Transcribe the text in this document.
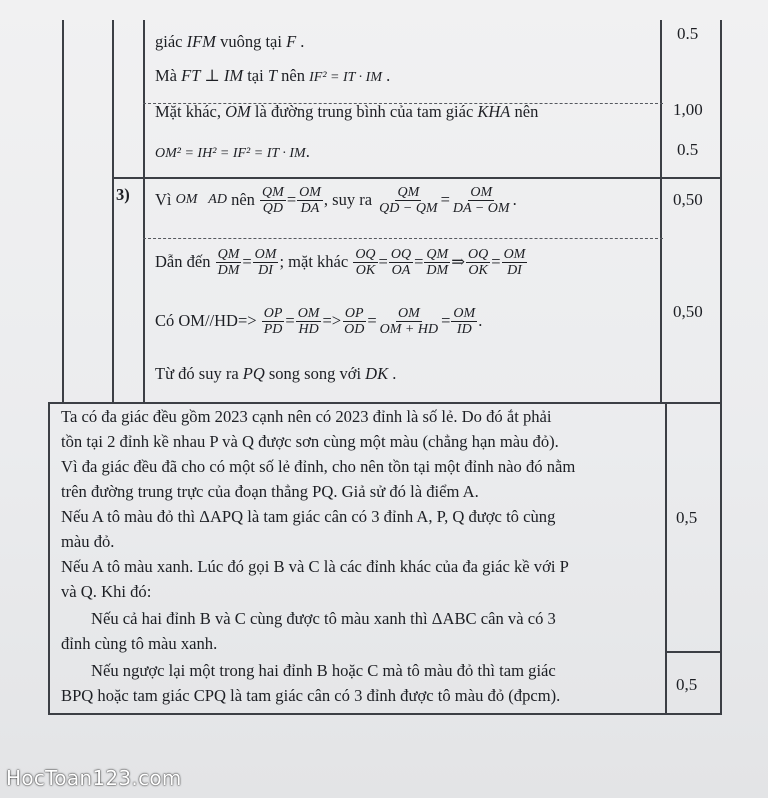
giác IFM vuông tại F .
Mà FT ⊥ IM tại T nên IF² = IT · IM .
Mặt khác, OM là đường trung bình của tam giác KHA nên
OM² = IH² = IF² = IT · IM.
3) Vì OM⃞AD nên $\frac{QM}{QD} = \frac{OM}{DA}$ , suy ra $\frac{QM}{QD - QM} = \frac{OM}{DA - OM}$ .
Dẫn đến $\frac{QM}{DM} = \frac{OM}{DI}$ ; mặt khác $\frac{OQ}{OK} = \frac{OQ}{OA} = \frac{QM}{DM}$ ⇒ $\frac{OQ}{OK} = \frac{OM}{DI}$
Có $OM//HD=> \frac{OP}{PD} = \frac{OM}{HD} => \frac{OP}{OD} = \frac{OM}{OM + HD} = \frac{OM}{ID}$ .
Từ đó suy ra PQ song song với DK .
0.5
1,00
0.5
0,50
0,50
0,5
0,5
Ta có đa giác đều gồm 2023 cạnh nên có 2023 đỉnh là số lẻ. Do đó ắt phải
tồn tại 2 đỉnh kề nhau P và Q được sơn cùng một màu (chẳng hạn màu đỏ).
Vì đa giác đều đã cho có một số lẻ đỉnh, cho nên tồn tại một đỉnh nào đó nằm
trên đường trung trực của đoạn thẳng PQ. Giả sử đó là điểm A.
Nếu A tô màu đỏ thì ΔAPQ là tam giác cân có 3 đỉnh A, P, Q được tô cùng
màu đỏ.
Nếu A tô màu xanh. Lúc đó gọi B và C là các đỉnh khác của đa giác kề với P
và Q. Khi đó:
Nếu cả hai đỉnh B và C cùng được tô màu xanh thì ΔABC cân và có 3
đỉnh cùng tô màu xanh.
Nếu ngược lại một trong hai đỉnh B hoặc C mà tô màu đỏ thì tam giác
BPQ hoặc tam giác CPQ là tam giác cân có 3 đỉnh được tô màu đỏ (đpcm).
HocToan123.com
